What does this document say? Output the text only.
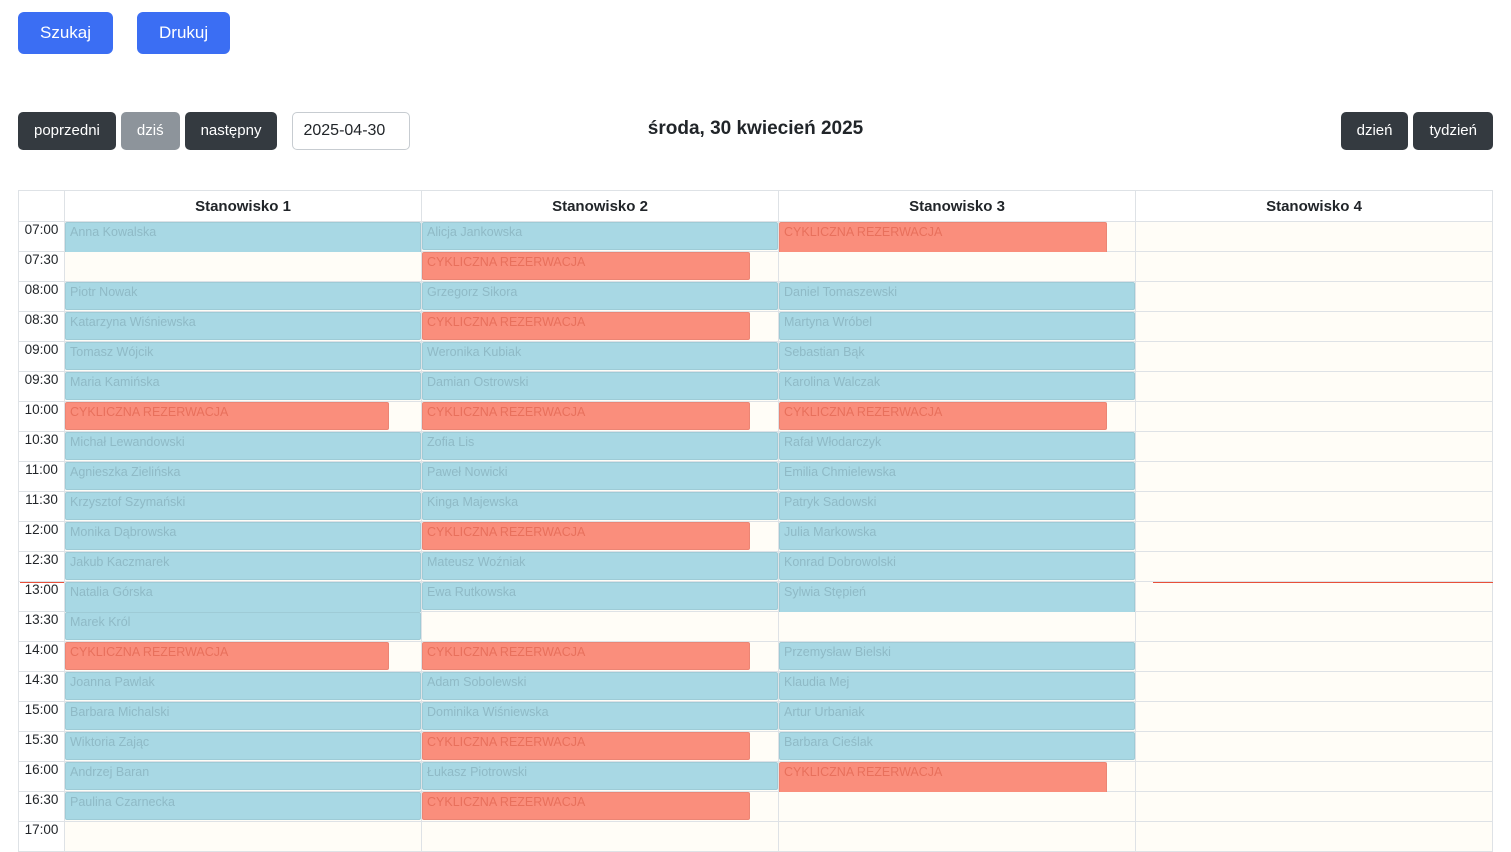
Szukaj	Drukuj
poprzedni	dziś	następny
2025-04-30	środa, 30 kwiecień 2025	dzień	tydzień
	Stanowisko 1	Stanowisko 2	Stanowisko 3	Stanowisko 4
07:00	Anna Kowalska	Alicja Jankowska	CYKLICZNA REZERWACJA	

07:30		CYKLICZNA REZERWACJA		

08:00	Piotr Nowak	Grzegorz Sikora	Daniel Tomaszewski	

08:30	Katarzyna Wiśniewska	CYKLICZNA REZERWACJA	Martyna Wróbel	

09:00	Tomasz Wójcik	Weronika Kubiak	Sebastian Bąk	

09:30	Maria Kamińska	Damian Ostrowski	Karolina Walczak	

10:00	CYKLICZNA REZERWACJA	CYKLICZNA REZERWACJA	CYKLICZNA REZERWACJA	

10:30	Michał Lewandowski	Zofia Lis	Rafał Włodarczyk	

11:00	Agnieszka Zielińska	Paweł Nowicki	Emilia Chmielewska	

11:30	Krzysztof Szymański	Kinga Majewska	Patryk Sadowski	

12:00	Monika Dąbrowska	CYKLICZNA REZERWACJA	Julia Markowska	

12:30	Jakub Kaczmarek	Mateusz Woźniak	Konrad Dobrowolski	

13:00	Natalia Górska	Ewa Rutkowska	Sylwia Stępień	

13:30	Marek Król			

14:00	CYKLICZNA REZERWACJA	CYKLICZNA REZERWACJA	Przemysław Bielski	

14:30	Joanna Pawlak	Adam Sobolewski	Klaudia Mej	

15:00	Barbara Michalski	Dominika Wiśniewska	Artur Urbaniak	

15:30	Wiktoria Zając	CYKLICZNA REZERWACJA	Barbara Cieślak	

16:00	Andrzej Baran	Łukasz Piotrowski	CYKLICZNA REZERWACJA	

16:30	Paulina Czarnecka	CYKLICZNA REZERWACJA		

17:00				
